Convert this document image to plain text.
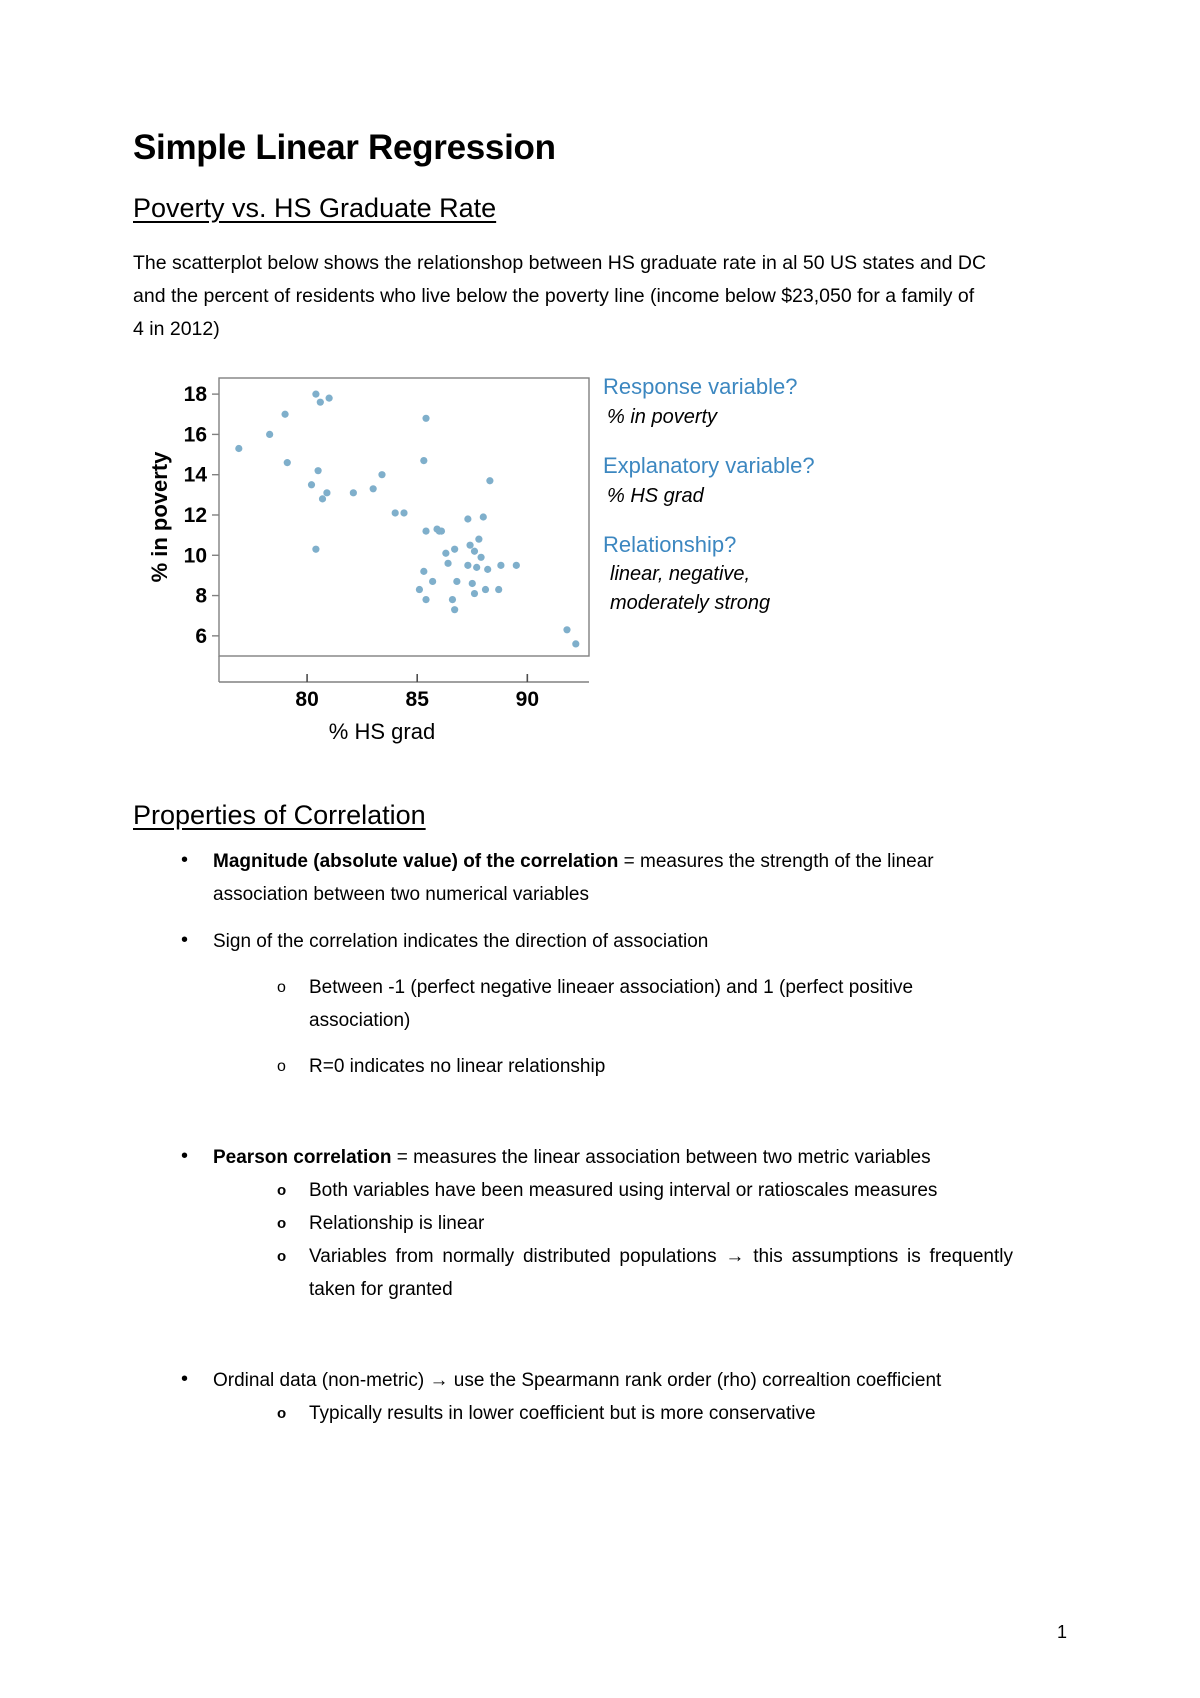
Simple Linear Regression
Poverty vs. HS Graduate Rate

The scatterplot below shows the relationshop between HS graduate rate in al 50 US states and DC and the percent of residents who live below the poverty line (income below $23,050 for a family of 4 in 2012)

6
8
10
12
14
16
18
80	85	90
% HS grad
% in poverty

Response variable?

% in poverty

Explanatory variable?

% HS grad

Relationship?

linear, negative,

moderately strong

Properties of Correlation
• Magnitude (absolute value) of the correlation = measures the strength of the linear association between two numerical variables
• Sign of the correlation indicates the direction of association
o Between -1 (perfect negative lineaer association) and 1 (perfect positive association)
o R=0 indicates no linear relationship
• Pearson correlation = measures the linear association between two metric variables
o Both variables have been measured using interval or ratioscales measures
o Relationship is linear
o Variables from normally distributed populations → this assumptions is frequently taken for granted
• Ordinal data (non-metric) → use the Spearmann rank order (rho) correaltion coefficient
o Typically results in lower coefficient but is more conservative
1
